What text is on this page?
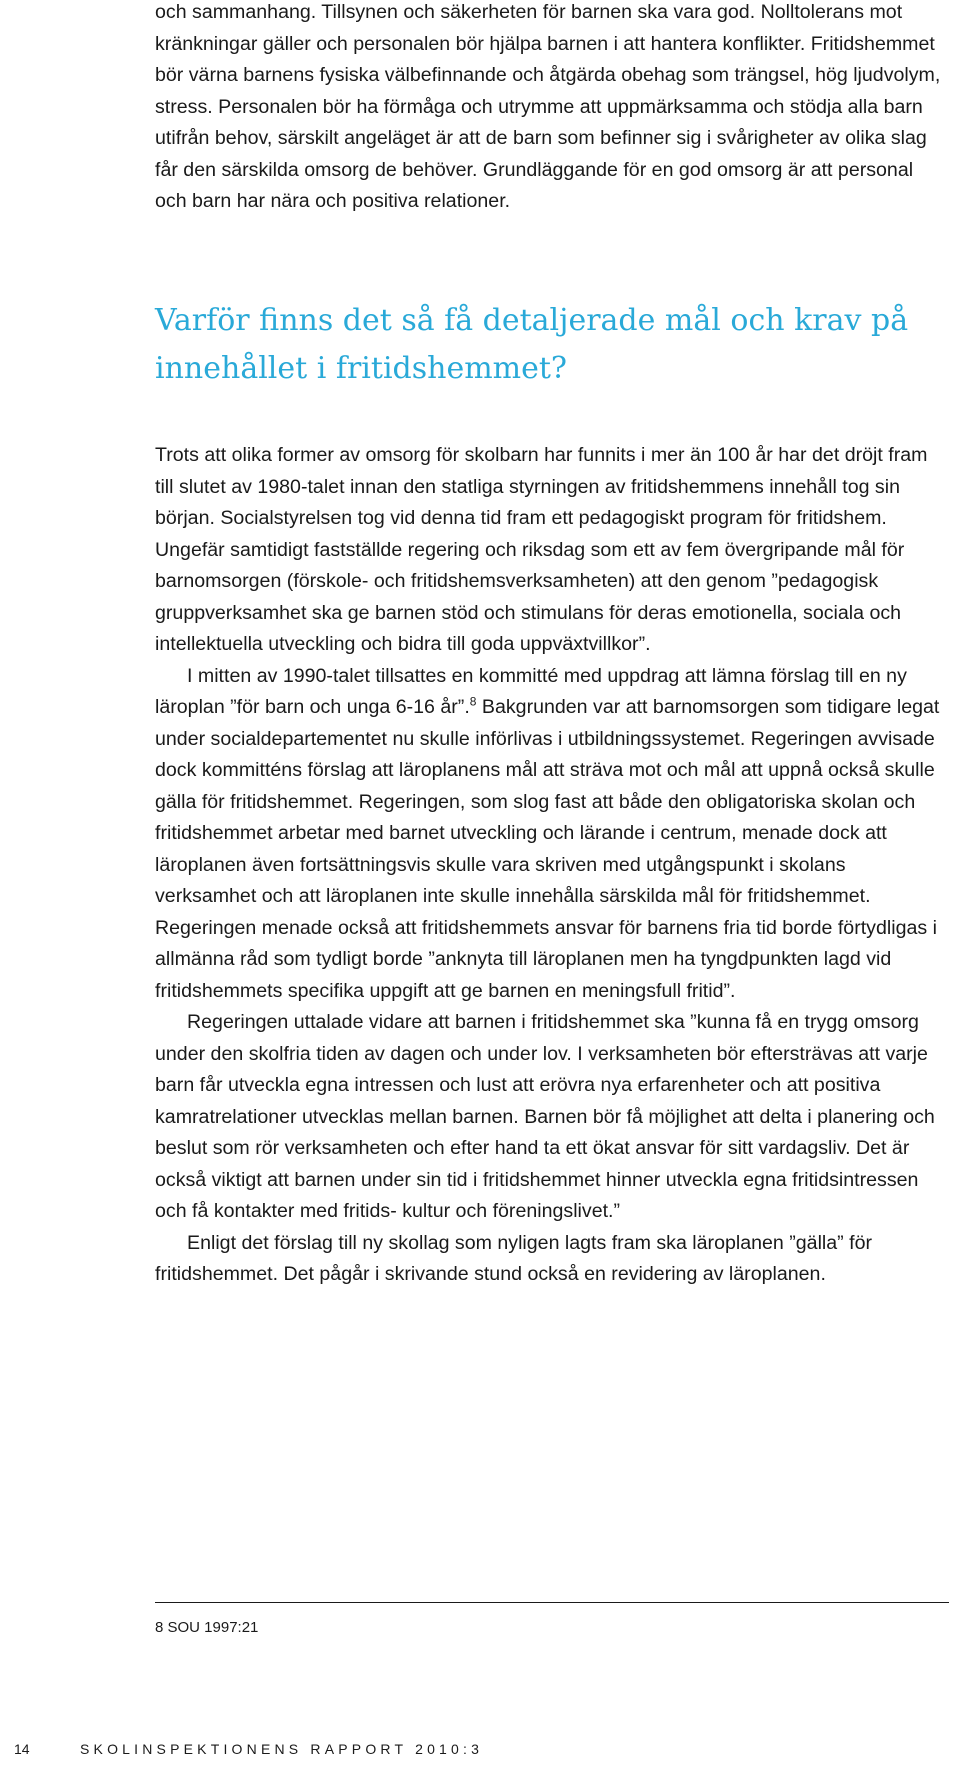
och sammanhang. Tillsynen och säkerheten för barnen ska vara god. Nolltolerans mot kränkningar gäller och personalen bör hjälpa barnen i att hantera konflikter. Fritidshemmet bör värna barnens fysiska välbefinnande och åtgärda obehag som trängsel, hög ljudvolym, stress. Personalen bör ha förmåga och utrymme att uppmärksamma och stödja alla barn utifrån behov, särskilt angeläget är att de barn som befinner sig i svårigheter av olika slag får den särskilda omsorg de behöver. Grundläggande för en god omsorg är att personal och barn har nära och positiva relationer.

Varför finns det så få detaljerade mål och krav på innehållet i fritidshemmet?

Trots att olika former av omsorg för skolbarn har funnits i mer än 100 år har det dröjt fram till slutet av 1980-talet innan den statliga styrningen av fritidshemmens innehåll tog sin början. Socialstyrelsen tog vid denna tid fram ett pedagogiskt program för fritidshem. Ungefär samtidigt fastställde regering och riksdag som ett av fem övergripande mål för barnomsorgen (förskole- och fritidshemsverksamheten) att den genom ”pedagogisk gruppverksamhet ska ge barnen stöd och stimulans för deras emotionella, sociala och intellektuella utveckling och bidra till goda uppväxtvillkor”.

I mitten av 1990-talet tillsattes en kommitté med uppdrag att lämna förslag till en ny läroplan ”för barn och unga 6-16 år”.$^8$ Bakgrunden var att barnomsorgen som tidigare legat under socialdepartementet nu skulle införlivas i utbildningssystemet. Regeringen avvisade dock kommitténs förslag att läroplanens mål att sträva mot och mål att uppnå också skulle gälla för fritidshemmet. Regeringen, som slog fast att både den obligatoriska skolan och fritidshemmet arbetar med barnet utveckling och lärande i centrum, menade dock att läroplanen även fortsättningsvis skulle vara skriven med utgångspunkt i skolans verksamhet och att läroplanen inte skulle innehålla särskilda mål för fritidshemmet. Regeringen menade också att fritidshemmets ansvar för barnens fria tid borde förtydligas i allmänna råd som tydligt borde ”anknyta till läroplanen men ha tyngdpunkten lagd vid fritidshemmets specifika uppgift att ge barnen en meningsfull fritid”.

Regeringen uttalade vidare att barnen i fritidshemmet ska ”kunna få en trygg omsorg under den skolfria tiden av dagen och under lov. I verksamheten bör eftersträvas att varje barn får utveckla egna intressen och lust att erövra nya erfarenheter och att positiva kamratrelationer utvecklas mellan barnen. Barnen bör få möjlighet att delta i planering och beslut som rör verksamheten och efter hand ta ett ökat ansvar för sitt vardagsliv. Det är också viktigt att barnen under sin tid i fritidshemmet hinner utveckla egna fritidsintressen och få kontakter med fritids- kultur och föreningslivet.”

Enligt det förslag till ny skollag som nyligen lagts fram ska läroplanen ”gälla” för fritidshemmet. Det pågår i skrivande stund också en revidering av läroplanen.

8 SOU 1997:21

14	SKOLINSPEKTIONENS RAPPORT 2010:3
